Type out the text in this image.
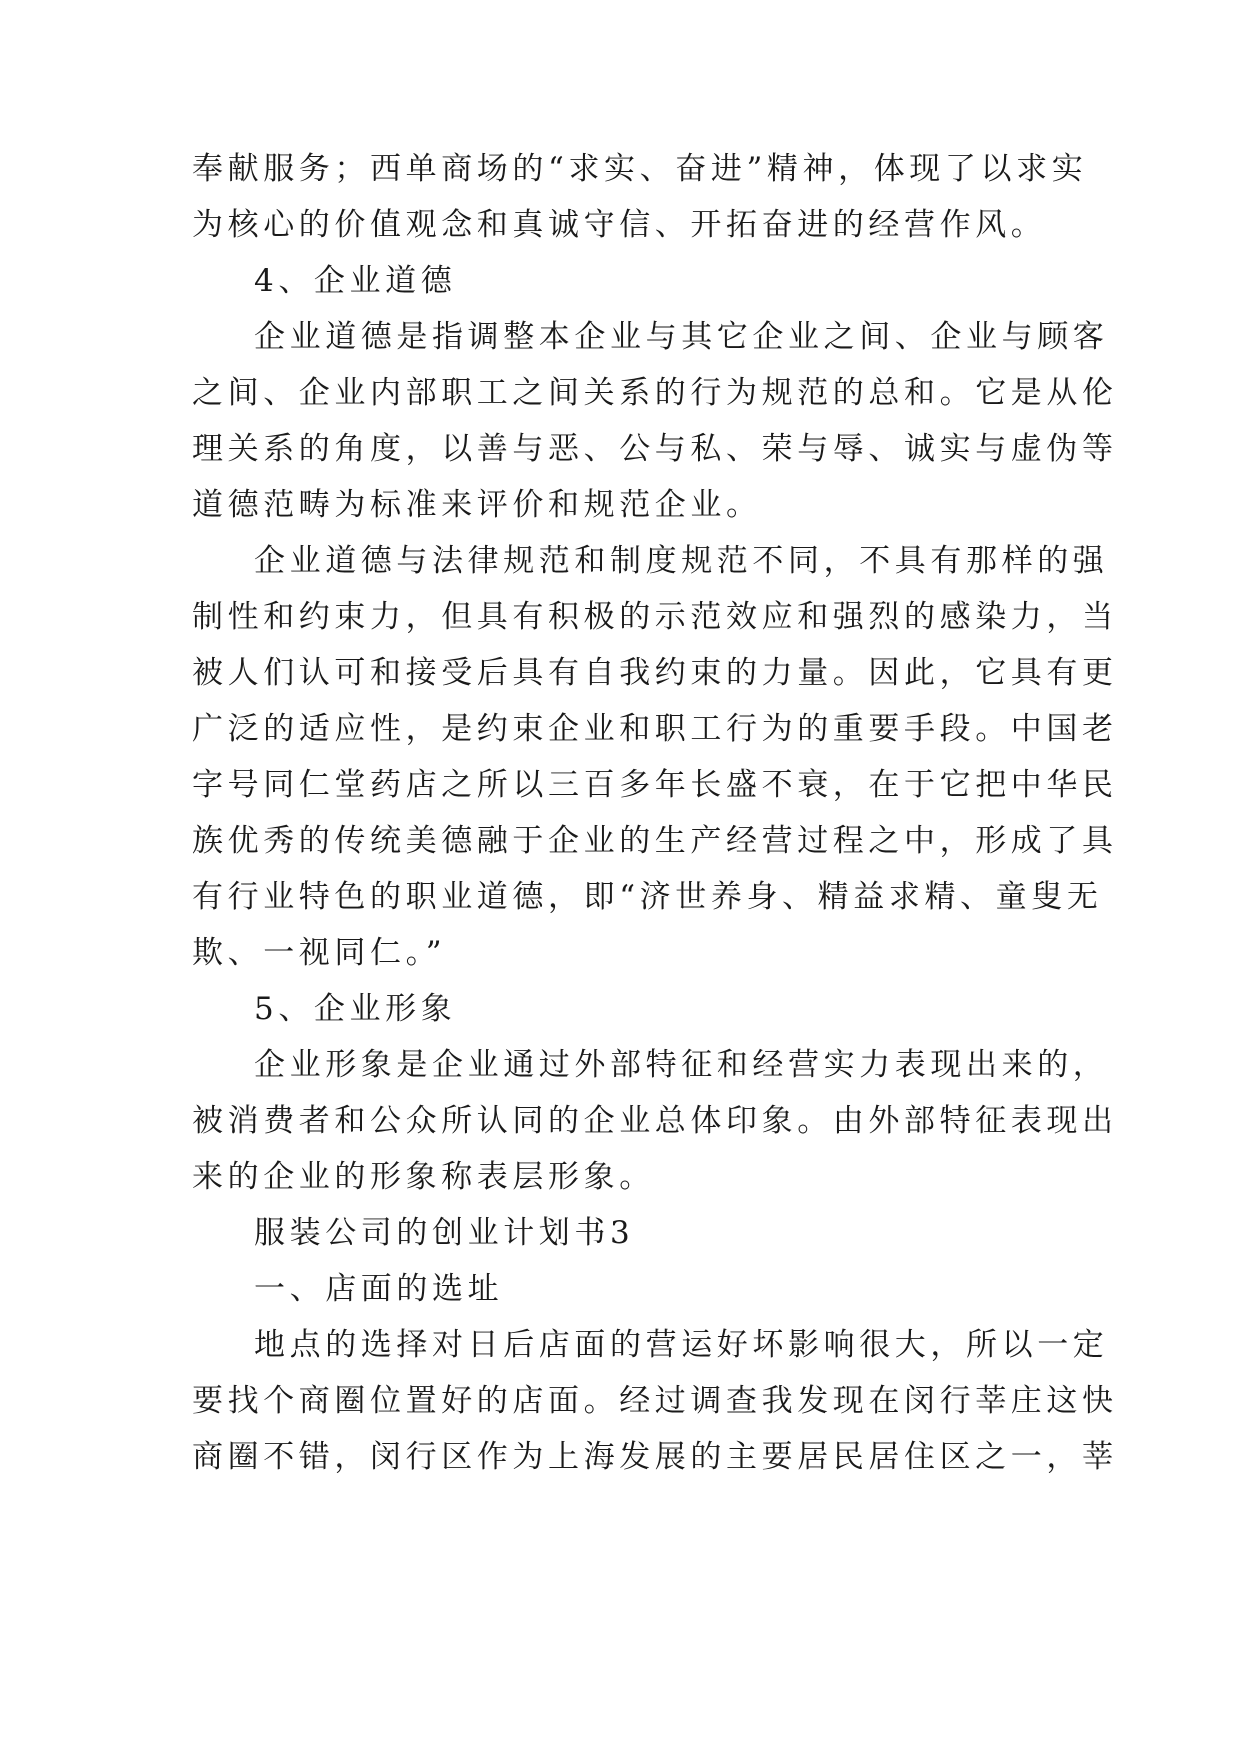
奉献服务；西单商场的“求实、奋进”精神，体现了以求实
为核心的价值观念和真诚守信、开拓奋进的经营作风。
4、企业道德
企业道德是指调整本企业与其它企业之间、企业与顾客
之间、企业内部职工之间关系的行为规范的总和。它是从伦
理关系的角度，以善与恶、公与私、荣与辱、诚实与虚伪等
道德范畴为标准来评价和规范企业。
企业道德与法律规范和制度规范不同，不具有那样的强
制性和约束力，但具有积极的示范效应和强烈的感染力，当
被人们认可和接受后具有自我约束的力量。因此，它具有更
广泛的适应性，是约束企业和职工行为的重要手段。中国老
字号同仁堂药店之所以三百多年长盛不衰，在于它把中华民
族优秀的传统美德融于企业的生产经营过程之中，形成了具
有行业特色的职业道德，即“济世养身、精益求精、童叟无
欺、一视同仁。”
5、企业形象
企业形象是企业通过外部特征和经营实力表现出来的，
被消费者和公众所认同的企业总体印象。由外部特征表现出
来的企业的形象称表层形象。
服装公司的创业计划书3
一、店面的选址
地点的选择对日后店面的营运好坏影响很大，所以一定
要找个商圈位置好的店面。经过调查我发现在闵行莘庄这快
商圈不错，闵行区作为上海发展的主要居民居住区之一，莘
